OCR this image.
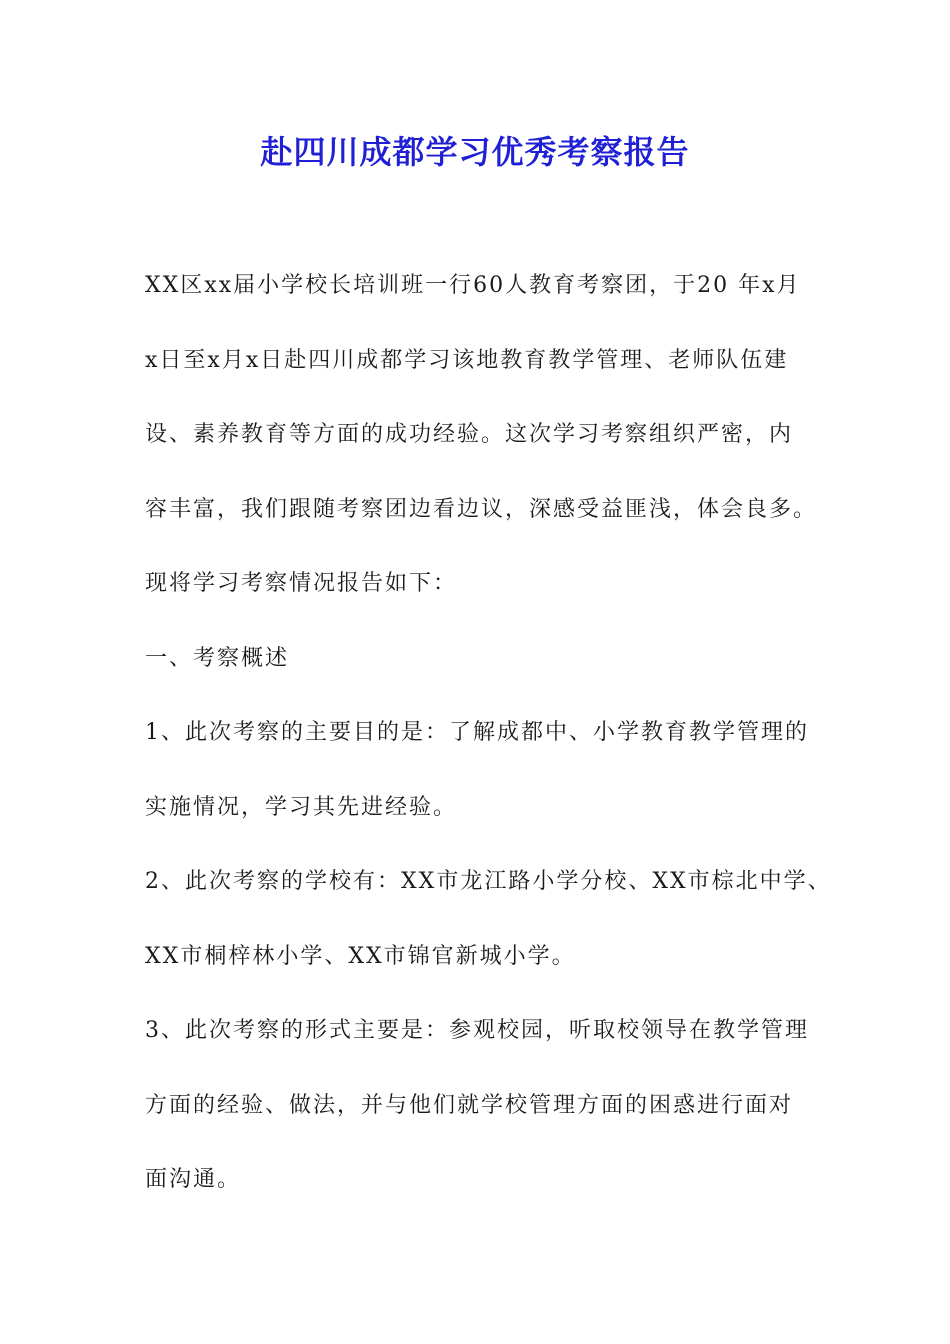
赴四川成都学习优秀考察报告
XX区xx届小学校长培训班一行60人教育考察团，于20 年x月
x日至x月x日赴四川成都学习该地教育教学管理、老师队伍建
设、素养教育等方面的成功经验。这次学习考察组织严密，内
容丰富，我们跟随考察团边看边议，深感受益匪浅，体会良多。
现将学习考察情况报告如下：
一、考察概述
1、此次考察的主要目的是：了解成都中、小学教育教学管理的
实施情况，学习其先进经验。
2、此次考察的学校有：XX市龙江路小学分校、XX市棕北中学、
XX市桐梓林小学、XX市锦官新城小学。
3、此次考察的形式主要是：参观校园，听取校领导在教学管理
方面的经验、做法，并与他们就学校管理方面的困惑进行面对
面沟通。
